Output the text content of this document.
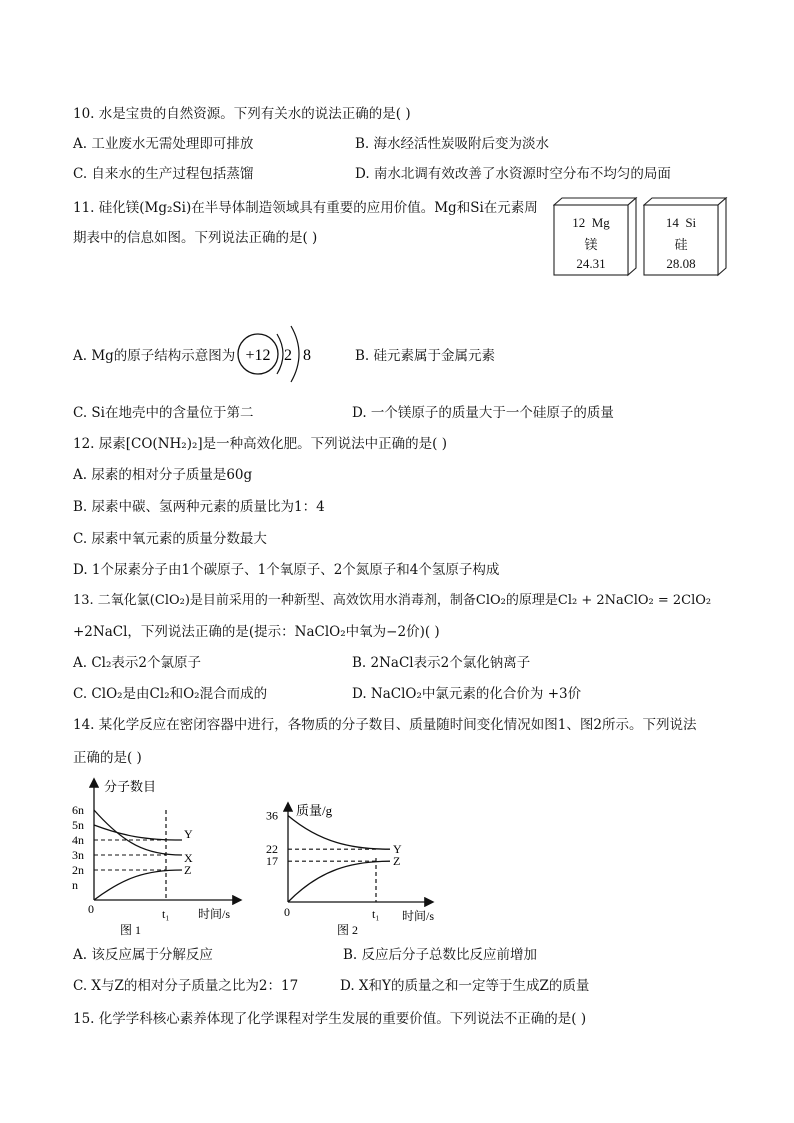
10. 水是宝贵的自然资源。下列有关水的说法正确的是( )
A. 工业废水无需处理即可排放	B. 海水经活性炭吸附后变为淡水
C. 自来水的生产过程包括蒸馏	D. 南水北调有效改善了水资源时空分布不均匀的局面
11. 硅化镁(Mg₂Si)在半导体制造领域具有重要的应用价值。Mg和Si在元素周
期表中的信息如图。下列说法正确的是( )
12 Mg
镁
24.31
14 Si
硅
28.08
A. Mg的原子结构示意图为 +12 2 8	B. 硅元素属于金属元素
C. Si在地壳中的含量位于第二	D. 一个镁原子的质量大于一个硅原子的质量
12. 尿素[CO(NH₂)₂]是一种高效化肥。下列说法中正确的是( )
A. 尿素的相对分子质量是60g
B. 尿素中碳、氢两种元素的质量比为1：4
C. 尿素中氧元素的质量分数最大
D. 1个尿素分子由1个碳原子、1个氧原子、2个氮原子和4个氢原子构成
13. 二氧化氯(ClO₂)是目前采用的一种新型、高效饮用水消毒剂，制备ClO₂的原理是Cl₂ + 2NaClO₂ = 2ClO₂
+2NaCl，下列说法正确的是(提示：NaClO₂中氧为−2价)( )
A. Cl₂表示2个氯原子	B. 2NaCl表示2个氯化钠离子
C. ClO₂是由Cl₂和O₂混合而成的	D. NaClO₂中氯元素的化合价为 +3价
14. 某化学反应在密闭容器中进行，各物质的分子数目、质量随时间变化情况如图1、图2所示。下列说法
正确的是( )
分子数目
时间/s
0	t₁
图 1
n
2n
3n
4n
5n
6n
Y
X
Z
质量/g
时间/s
0	t₁
图 2
17
22
36
Y
Z
A. 该反应属于分解反应	B. 反应后分子总数比反应前增加
C. X与Z的相对分子质量之比为2：17	D. X和Y的质量之和一定等于生成Z的质量
15. 化学学科核心素养体现了化学课程对学生发展的重要价值。下列说法不正确的是( )
